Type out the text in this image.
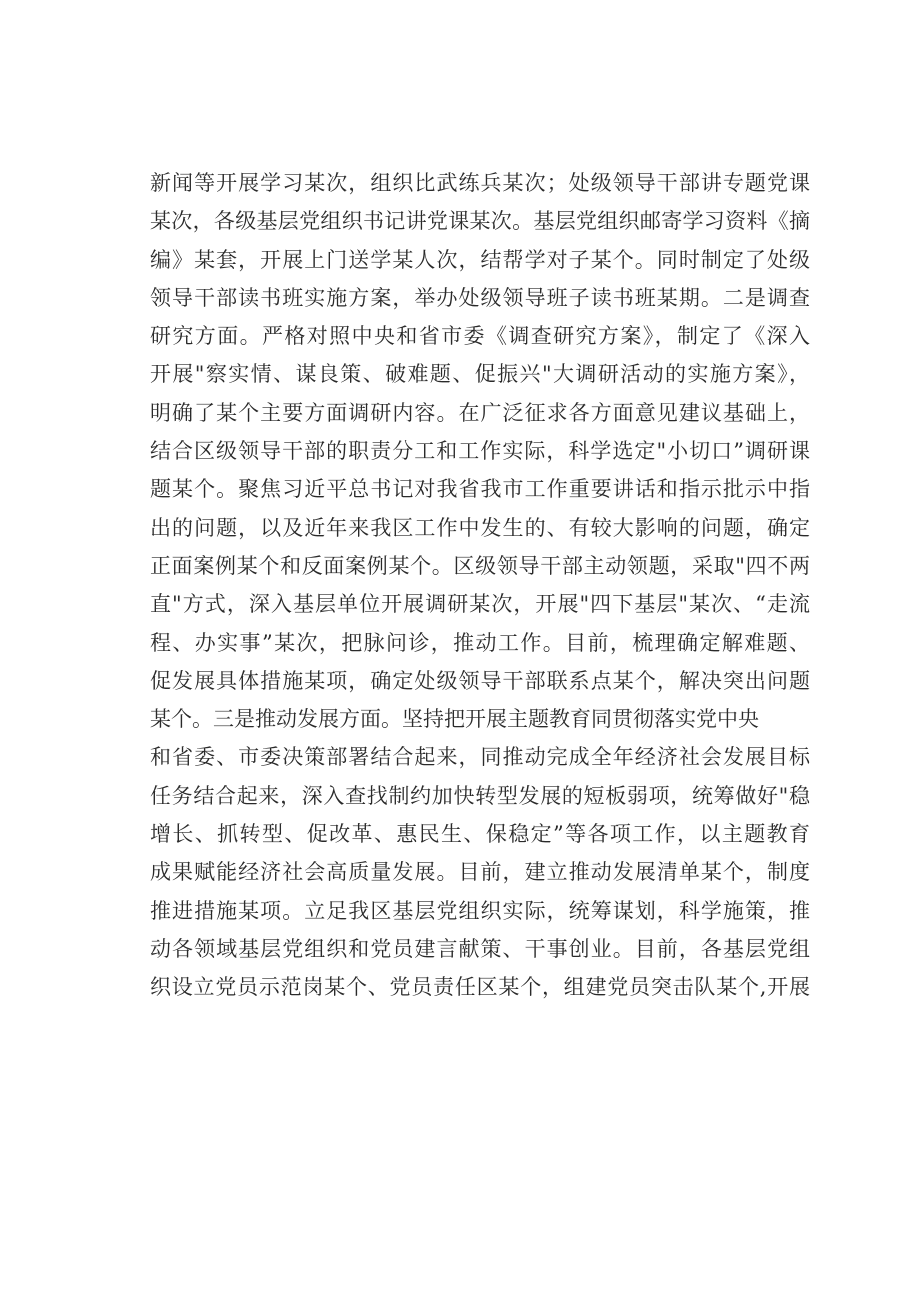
新闻等开展学习某次，组织比武练兵某次；处级领导干部讲专题党课
某次，各级基层党组织书记讲党课某次。基层党组织邮寄学习资料《摘
编》某套，开展上门送学某人次，结帮学对子某个。同时制定了处级
领导干部读书班实施方案，举办处级领导班子读书班某期。二是调查
研究方面。严格对照中央和省市委《调查研究方案》，制定了《深入
开展"察实情、谋良策、破难题、促振兴"大调研活动的实施方案》，
明确了某个主要方面调研内容。在广泛征求各方面意见建议基础上，
结合区级领导干部的职责分工和工作实际，科学选定"小切口”调研课
题某个。聚焦习近平总书记对我省我市工作重要讲话和指示批示中指
出的问题，以及近年来我区工作中发生的、有较大影响的问题，确定
正面案例某个和反面案例某个。区级领导干部主动领题，采取"四不两
直"方式，深入基层单位开展调研某次，开展"四下基层"某次、“走流
程、办实事”某次，把脉问诊，推动工作。目前，梳理确定解难题、
促发展具体措施某项，确定处级领导干部联系点某个，解决突出问题
某个。三是推动发展方面。坚持把开展主题教育同贯彻落实党中央
和省委、市委决策部署结合起来，同推动完成全年经济社会发展目标
任务结合起来，深入查找制约加快转型发展的短板弱项，统筹做好"稳
增长、抓转型、促改革、惠民生、保稳定”等各项工作，以主题教育
成果赋能经济社会高质量发展。目前，建立推动发展清单某个，制度
推进措施某项。立足我区基层党组织实际，统筹谋划，科学施策，推
动各领域基层党组织和党员建言献策、干事创业。目前，各基层党组
织设立党员示范岗某个、党员责任区某个，组建党员突击队某个,开展
